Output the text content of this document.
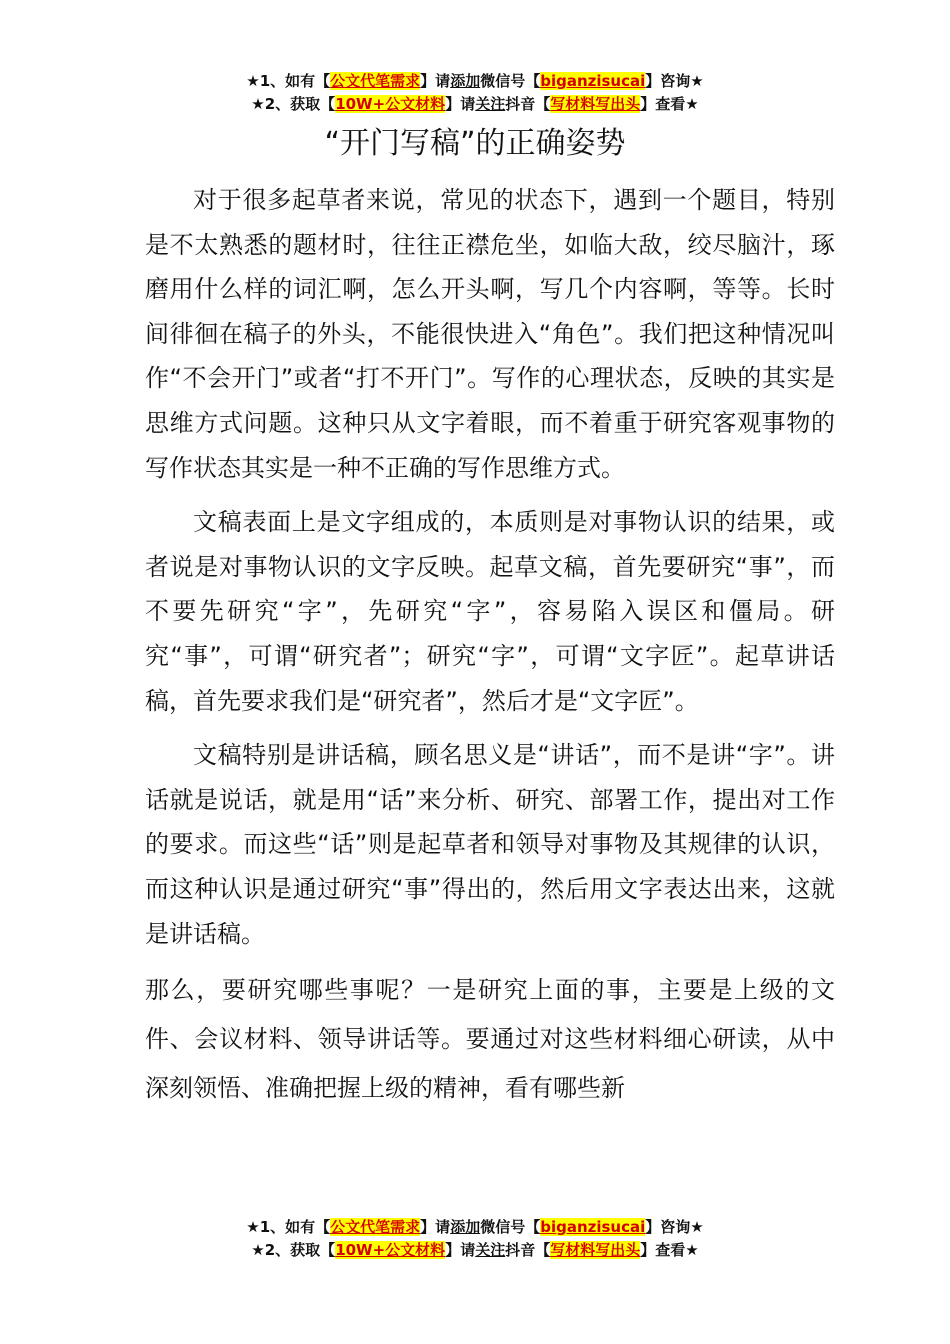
★1、如有【公文代笔需求】请添加微信号【biganzisucai】咨询★
★2、获取【10W+公文材料】请关注抖音【写材料写出头】查看★
“开门写稿”的正确姿势

对于很多起草者来说，常见的状态下，遇到一个题目，特别是不太熟悉的题材时，往往正襟危坐，如临大敌，绞尽脑汁，琢磨用什么样的词汇啊，怎么开头啊，写几个内容啊，等等。长时间徘徊在稿子的外头，不能很快进入“角色”。我们把这种情况叫作“不会开门”或者“打不开门”。写作的心理状态，反映的其实是思维方式问题。这种只从文字着眼，而不着重于研究客观事物的写作状态其实是一种不正确的写作思维方式。

文稿表面上是文字组成的，本质则是对事物认识的结果，或者说是对事物认识的文字反映。起草文稿，首先要研究“事”，而不要先研究“字”，先研究“字”，容易陷入误区和僵局。研究“事”，可谓“研究者”；研究“字”，可谓“文字匠”。起草讲话稿，首先要求我们是“研究者”，然后才是“文字匠”。

文稿特别是讲话稿，顾名思义是“讲话”，而不是讲“字”。讲话就是说话，就是用“话”来分析、研究、部署工作，提出对工作的要求。而这些“话”则是起草者和领导对事物及其规律的认识，而这种认识是通过研究“事”得出的，然后用文字表达出来，这就是讲话稿。

那么，要研究哪些事呢？一是研究上面的事，主要是上级的文件、会议材料、领导讲话等。要通过对这些材料细心研读，从中深刻领悟、准确把握上级的精神，看有哪些新

★1、如有【公文代笔需求】请添加微信号【biganzisucai】咨询★
★2、获取【10W+公文材料】请关注抖音【写材料写出头】查看★
